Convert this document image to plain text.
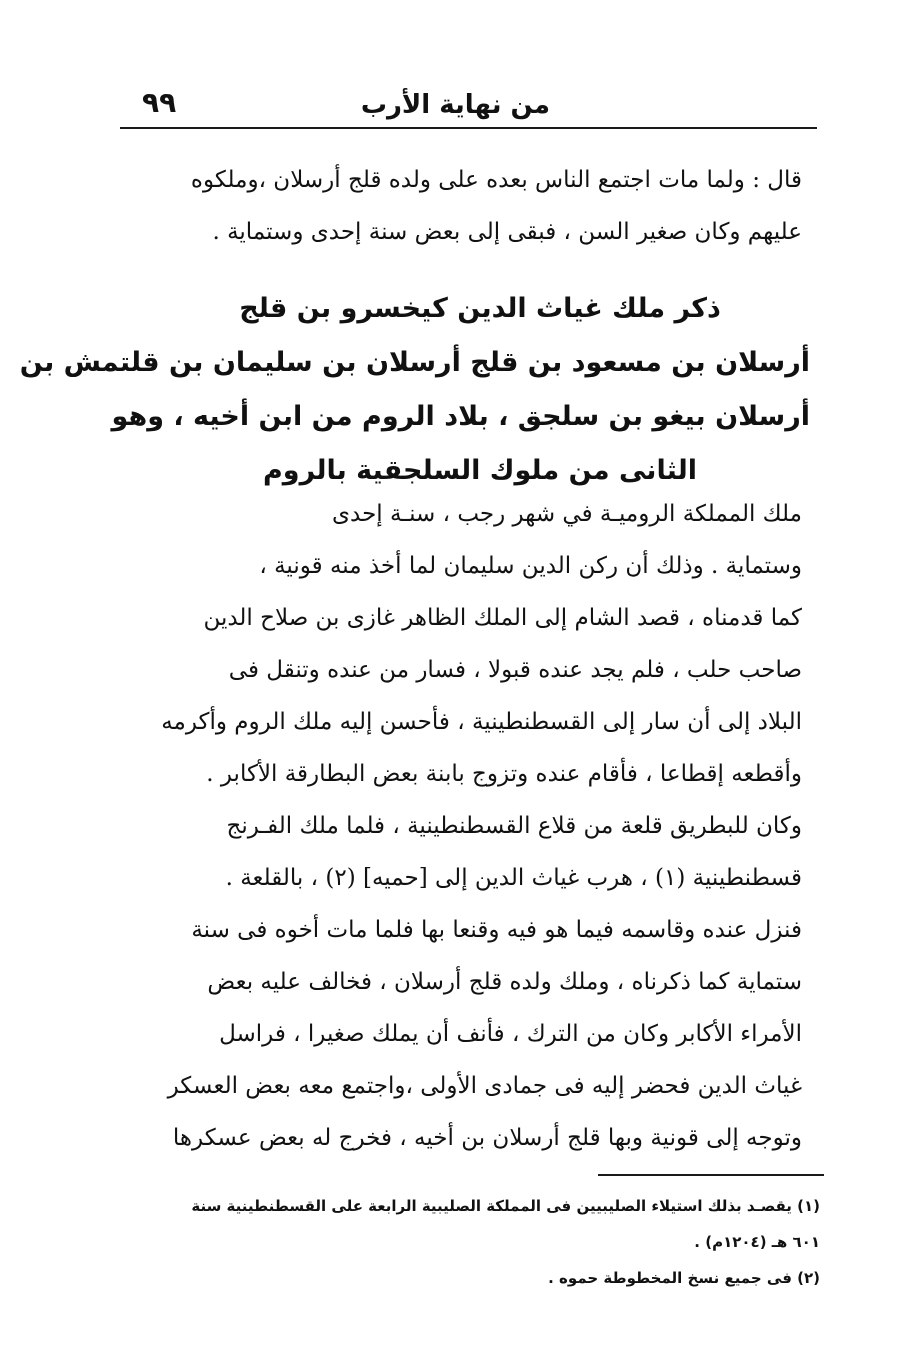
٩٩	من نهاية الأرب
قال : ولما مات اجتمع الناس بعده على ولده قلج أرسلان ،وملكوه
عليهم وكان صغير السن ، فبقى إلى بعض سنة إحدى وستماية .
ذكر ملك غياث الدين كيخسرو بن قلج
أرسلان بن مسعود بن قلج أرسلان بن سليمان بن قلتمش بن
أرسلان بيغو بن سلجق ، بلاد الروم من ابن أخيه ، وهو
الثانى من ملوك السلجقية بالروم
ملك المملكة الروميـة في شهر رجب ، سنـة إحدى
وستماية . وذلك أن ركن الدين سليمان لما أخذ منه قونية ،
كما قدمناه ، قصد الشام إلى الملك الظاهر غازى بن صلاح الدين
صاحب حلب ، فلم يجد عنده قبولا ، فسار من عنده وتنقل فى
البلاد إلى أن سار إلى القسطنطينية ، فأحسن إليه ملك الروم وأكرمه
وأقطعه إقطاعا ، فأقام عنده وتزوج بابنة بعض البطارقة الأكابر .
وكان للبطريق قلعة من قلاع القسطنطينية ، فلما ملك الفـرنج
قسطنطينية (١) ، هرب غياث الدين إلى [حميه] (٢) ، بالقلعة .
فنزل عنده وقاسمه فيما هو فيه وقنعا بها فلما مات أخوه فى سنة
ستماية كما ذكرناه ، وملك ولده قلج أرسلان ، فخالف عليه بعض
الأمراء الأكابر وكان من الترك ، فأنف أن يملك صغيرا ، فراسل
غياث الدين فحضر إليه فى جمادى الأولى ،واجتمع معه بعض العسكر
وتوجه إلى قونية وبها قلج أرسلان بن أخيه ، فخرج له بعض عسكرها
(١) يقصـد بذلك استيلاء الصليبيين فى المملكة الصليبية الرابعة على القسطنطينية سنة
٦٠١ هـ (١٢٠٤م) .
(٢) فى جميع نسخ المخطوطة حموه .
